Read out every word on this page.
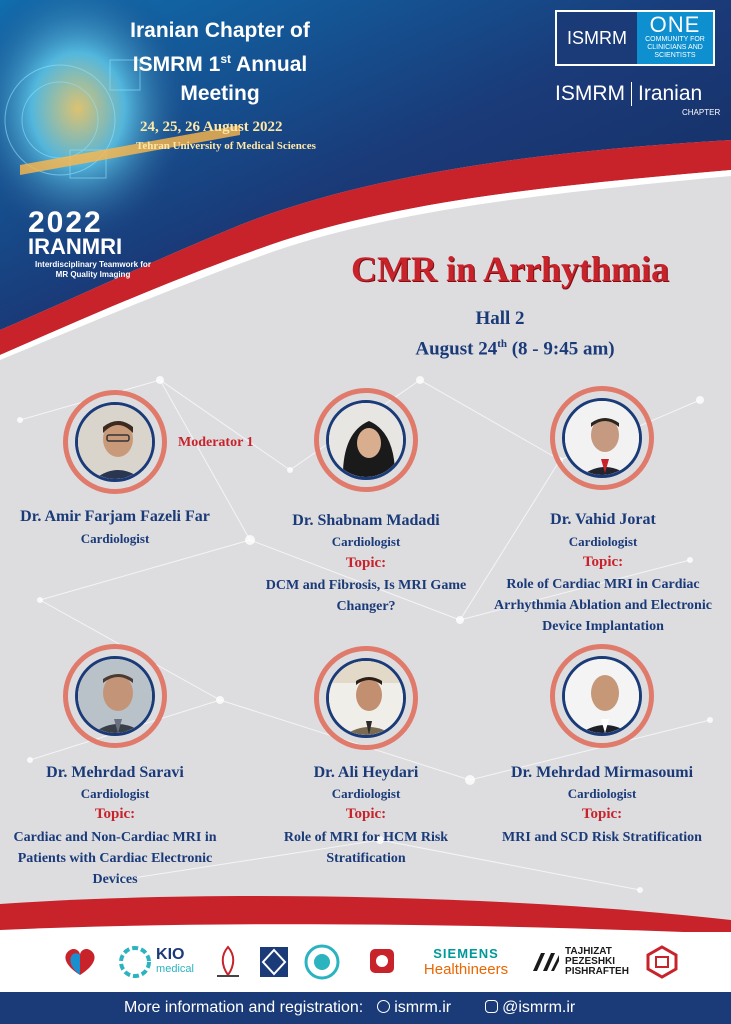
Iranian Chapter of
ISMRM 1st Annual
Meeting
24, 25, 26 August 2022
Tehran University of Medical Sciences
ISMRM
ONE
COMMUNITY FOR CLINICIANS AND SCIENTISTS
ISMRM Iranian
CHAPTER
2022
IRANMRI
Interdisciplinary Teamwork for MR Quality Imaging	CMR in Arrhythmia
Hall 2
August 24th (8 - 9:45 am)
Moderator 1
Dr. Amir Farjam Fazeli Far
Cardiologist
Dr. Shabnam Madadi
Cardiologist
Topic:
DCM and Fibrosis, Is MRI Game Changer?
Dr. Vahid Jorat
Cardiologist
Topic:
Role of Cardiac MRI in Cardiac Arrhythmia Ablation and Electronic Device Implantation
Dr. Mehrdad Saravi
Cardiologist
Topic:
Cardiac and Non-Cardiac MRI in Patients with Cardiac Electronic Devices
Dr. Ali Heydari
Cardiologist
Topic:
Role of MRI for HCM Risk Stratification
Dr. Mehrdad Mirmasoumi
Cardiologist
Topic:
MRI and SCD Risk Stratification
KIO
medical
SIEMENS
Healthineers
TAJHIZAT
PEZESHKI
PISHRAFTEH
More information and registration:	ismrm.ir	@ismrm.ir
